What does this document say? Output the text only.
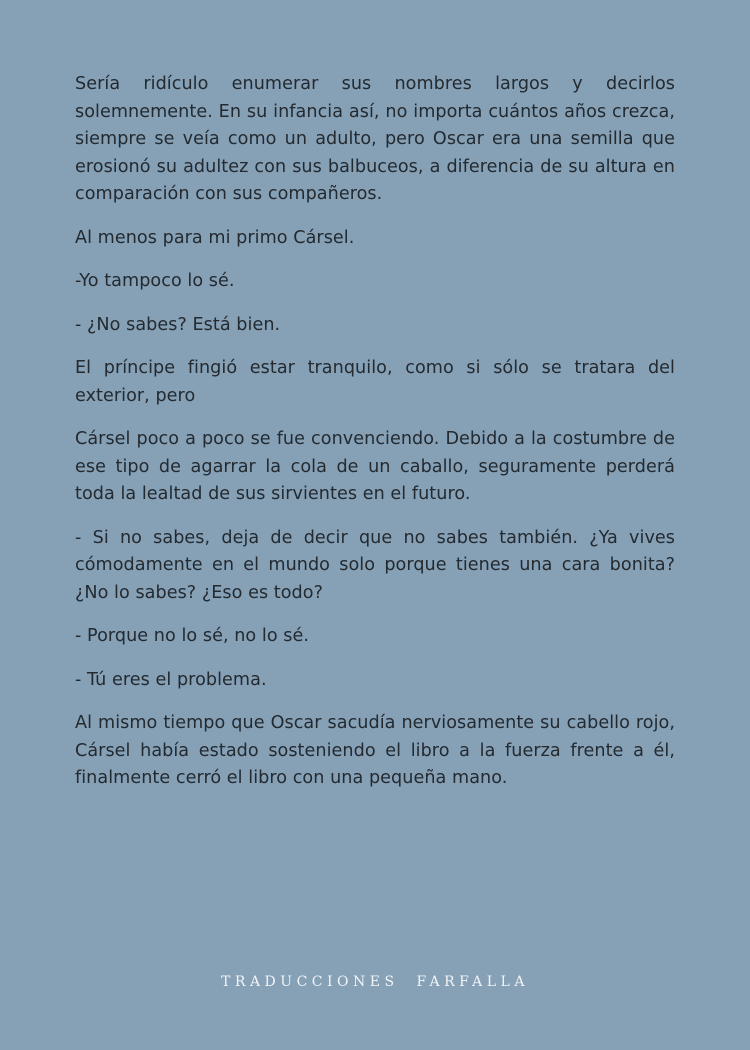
Sería ridículo enumerar sus nombres largos y decirlos solemnemente. En su infancia así, no importa cuántos años crezca, siempre se veía como un adulto, pero Oscar era una semilla que erosionó su adultez con sus balbuceos, a diferencia de su altura en comparación con sus compañeros.

Al menos para mi primo Cársel.

-Yo tampoco lo sé.

- ¿No sabes? Está bien.

El príncipe fingió estar tranquilo, como si sólo se tratara del exterior, pero

Cársel poco a poco se fue convenciendo. Debido a la costumbre de ese tipo de agarrar la cola de un caballo, seguramente perderá toda la lealtad de sus sirvientes en el futuro.

- Si no sabes, deja de decir que no sabes también. ¿Ya vives cómodamente en el mundo solo porque tienes una cara bonita? ¿No lo sabes? ¿Eso es todo?

- Porque no lo sé, no lo sé.

- Tú eres el problema.

Al mismo tiempo que Oscar sacudía nerviosamente su cabello rojo, Cársel había estado sosteniendo el libro a la fuerza frente a él, finalmente cerró el libro con una pequeña mano.

TRADUCCIONES  FARFALLA
